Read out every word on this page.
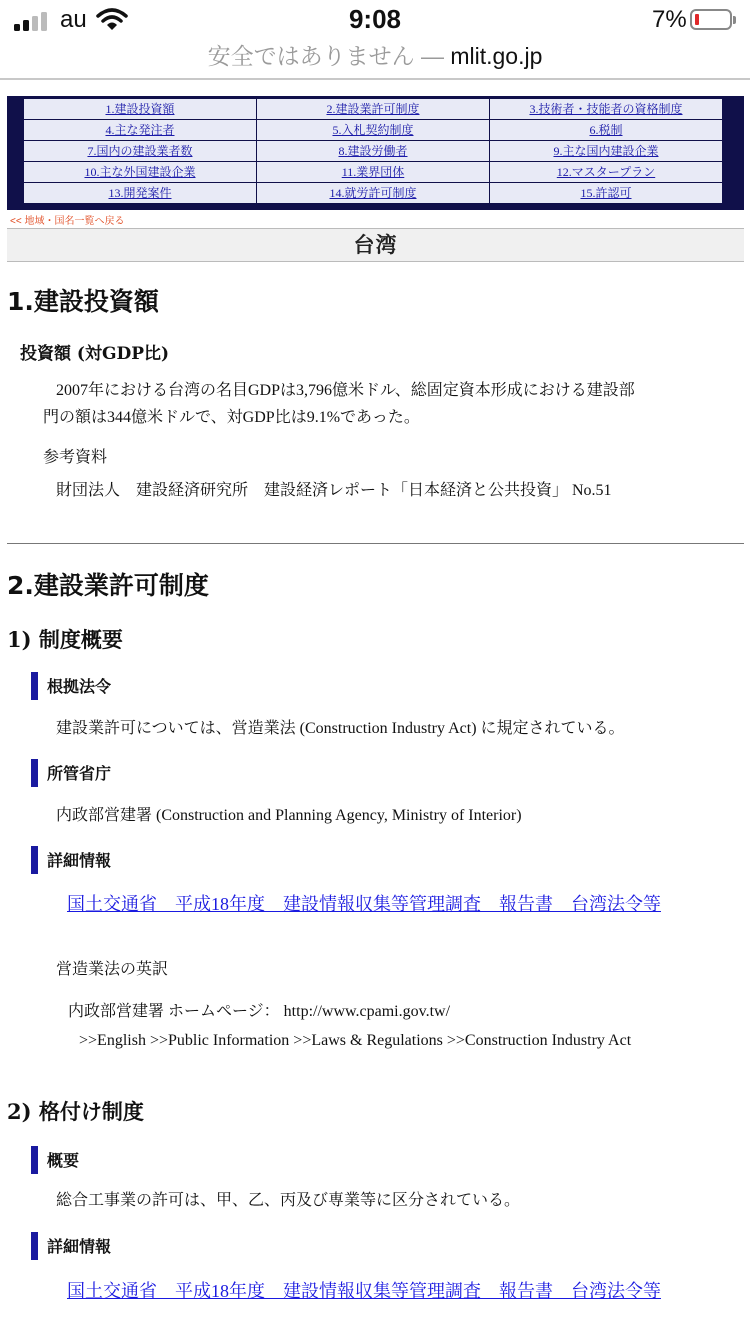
au	9:08	7%
安全ではありません — mlit.go.jp
1.建設投資額	2.建設業許可制度	3.技術者・技能者の資格制度
4.主な発注者	5.入札契約制度	6.税制
7.国内の建設業者数	8.建設労働者	9.主な国内建設企業
10.主な外国建設企業	11.業界団体	12.マスタープラン
13.開発案件	14.就労許可制度	15.許認可
<< 地域・国名一覧へ戻る
台湾
1.建設投資額
投資額 (対GDP比)
2007年における台湾の名目GDPは3,796億米ドル、総固定資本形成における建設部
門の額は344億米ドルで、対GDP比は9.1%であった。
参考資料
財団法人　建設経済研究所　建設経済レポート「日本経済と公共投資」 No.51
2.建設業許可制度
1) 制度概要
根拠法令
建設業許可については、営造業法 (Construction Industry Act) に規定されている。
所管省庁
内政部営建署 (Construction and Planning Agency, Ministry of Interior)
詳細情報
国土交通省　平成18年度　建設情報収集等管理調査　報告書　台湾法令等
営造業法の英訳
内政部営建署 ホームページ： http://www.cpami.gov.tw/
>>English >>Public Information >>Laws & Regulations >>Construction Industry Act
2) 格付け制度
概要
総合工事業の許可は、甲、乙、丙及び専業等に区分されている。
詳細情報
国土交通省　平成18年度　建設情報収集等管理調査　報告書　台湾法令等
